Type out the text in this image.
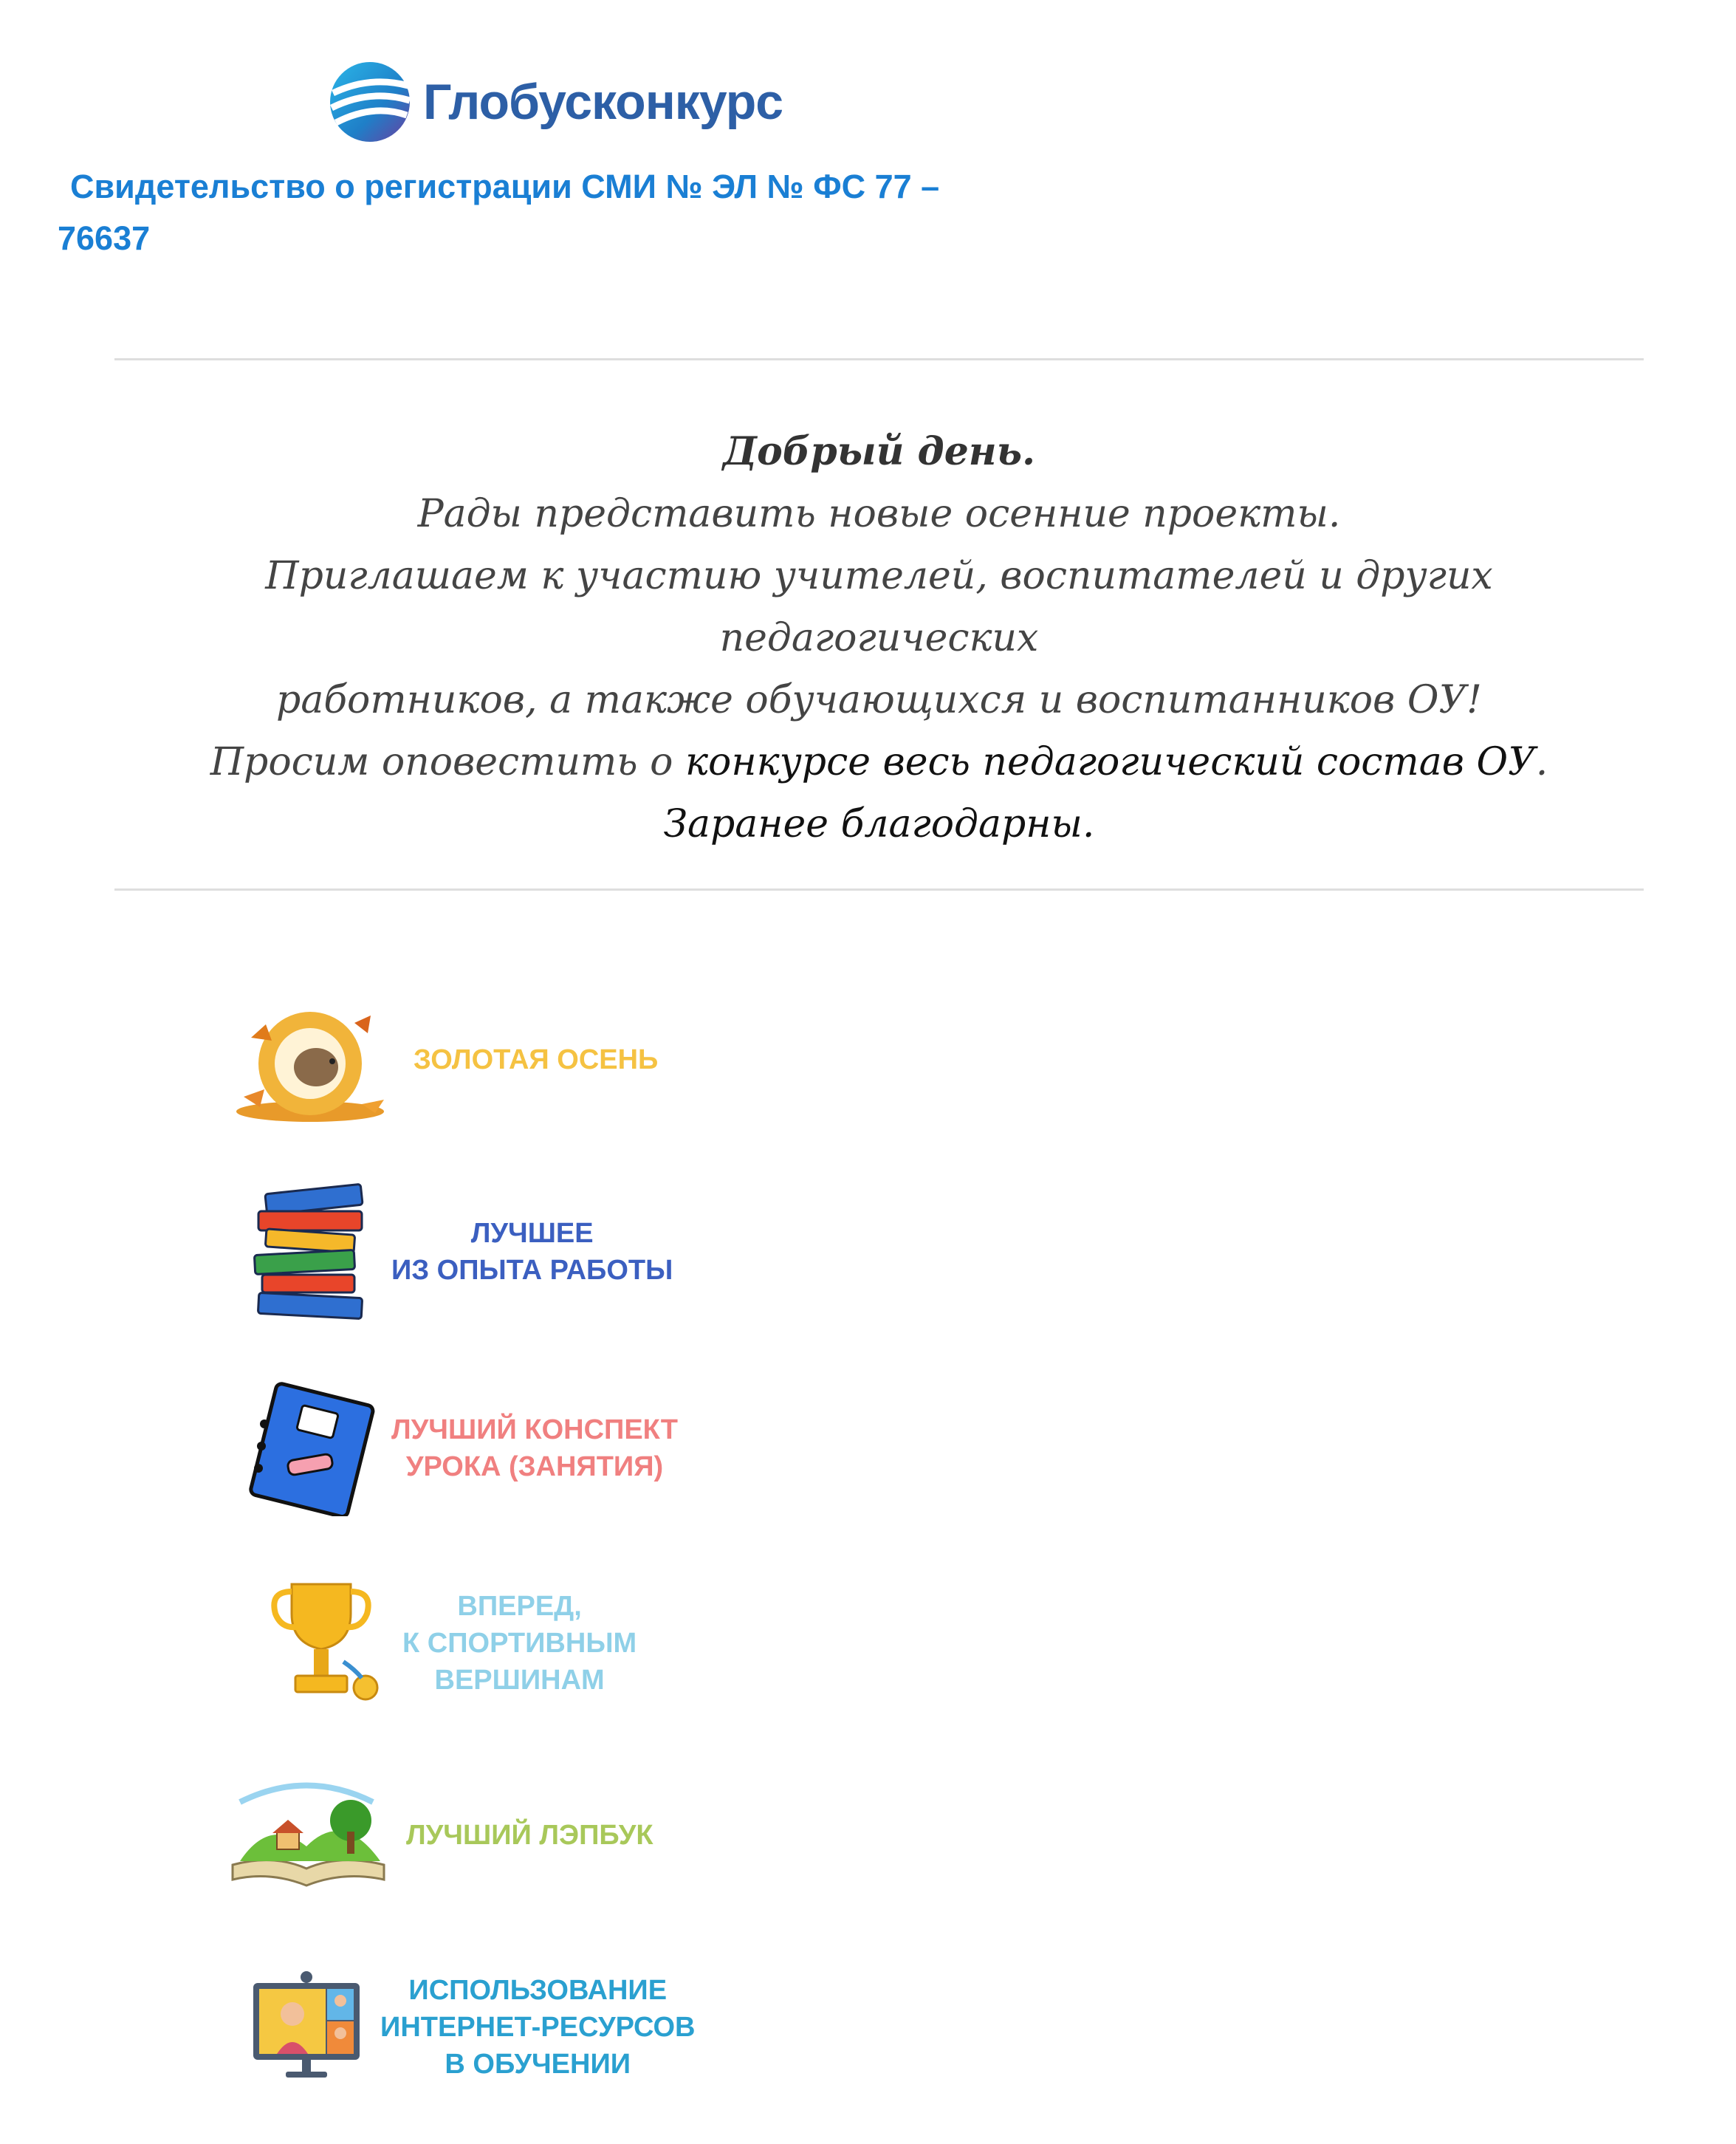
Глобусконкурс
Свидетельство о регистрации СМИ № ЭЛ № ФС 77 –
76637
Добрый день.
Рады представить новые осенние проекты.
Приглашаем к участию учителей, воспитателей и других педагогических
работников, а также обучающихся и воспитанников ОУ!
Просим оповестить о конкурсе весь педагогический состав ОУ.
Заранее благодарны.
ЗОЛОТАЯ ОСЕНЬ
ЛУЧШЕЕ
ИЗ ОПЫТА РАБОТЫ
ЛУЧШИЙ КОНСПЕКТ
УРОКА (ЗАНЯТИЯ)
ВПЕРЕД,
К СПОРТИВНЫМ
ВЕРШИНАМ
ЛУЧШИЙ ЛЭПБУК
ИСПОЛЬЗОВАНИЕ
ИНТЕРНЕТ-РЕСУРСОВ
В ОБУЧЕНИИ
